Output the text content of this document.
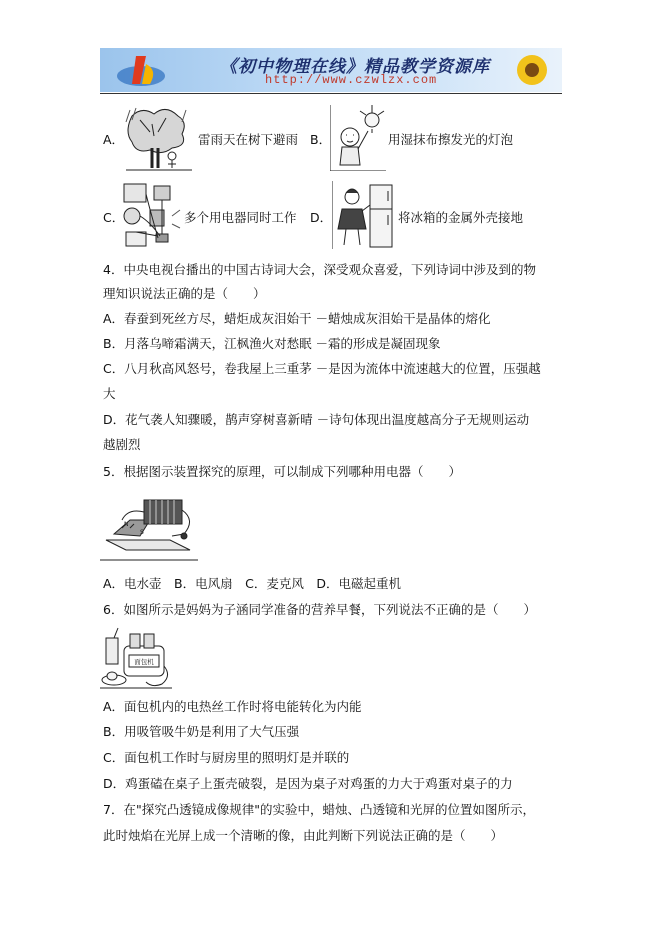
《初中物理在线》精品教学资源库
http://www.czwlzx.com
A．	雷雨天在树下避雨 B．	用湿抹布擦发光的灯泡
C．	多个用电器同时工作 D．	将冰箱的金属外壳接地
4．中央电视台播出的中国古诗词大会，深受观众喜爱，下列诗词中涉及到的物
理知识说法正确的是（　　）
A．春蚕到死丝方尽，蜡炬成灰泪始干 －蜡烛成灰泪始干是晶体的熔化
B．月落乌啼霜满天，江枫渔火对愁眠 －霜的形成是凝固现象
C．八月秋高风怒号，卷我屋上三重茅 －是因为流体中流速越大的位置，压强越
大
D．花气袭人知骤暖，鹊声穿树喜新晴 －诗句体现出温度越高分子无规则运动
越剧烈
5．根据图示装置探究的原理，可以制成下列哪种用电器（　　）
N
S
A．电水壶　B．电风扇　C．麦克风　D．电磁起重机
6．如图所示是妈妈为子涵同学准备的营养早餐，下列说法不正确的是（　　）
面包机
A．面包机内的电热丝工作时将电能转化为内能
B．用吸管吸牛奶是利用了大气压强
C．面包机工作时与厨房里的照明灯是并联的
D．鸡蛋磕在桌子上蛋壳破裂，是因为桌子对鸡蛋的力大于鸡蛋对桌子的力
7．在"探究凸透镜成像规律"的实验中，蜡烛、凸透镜和光屏的位置如图所示，
此时烛焰在光屏上成一个清晰的像，由此判断下列说法正确的是（　　）
